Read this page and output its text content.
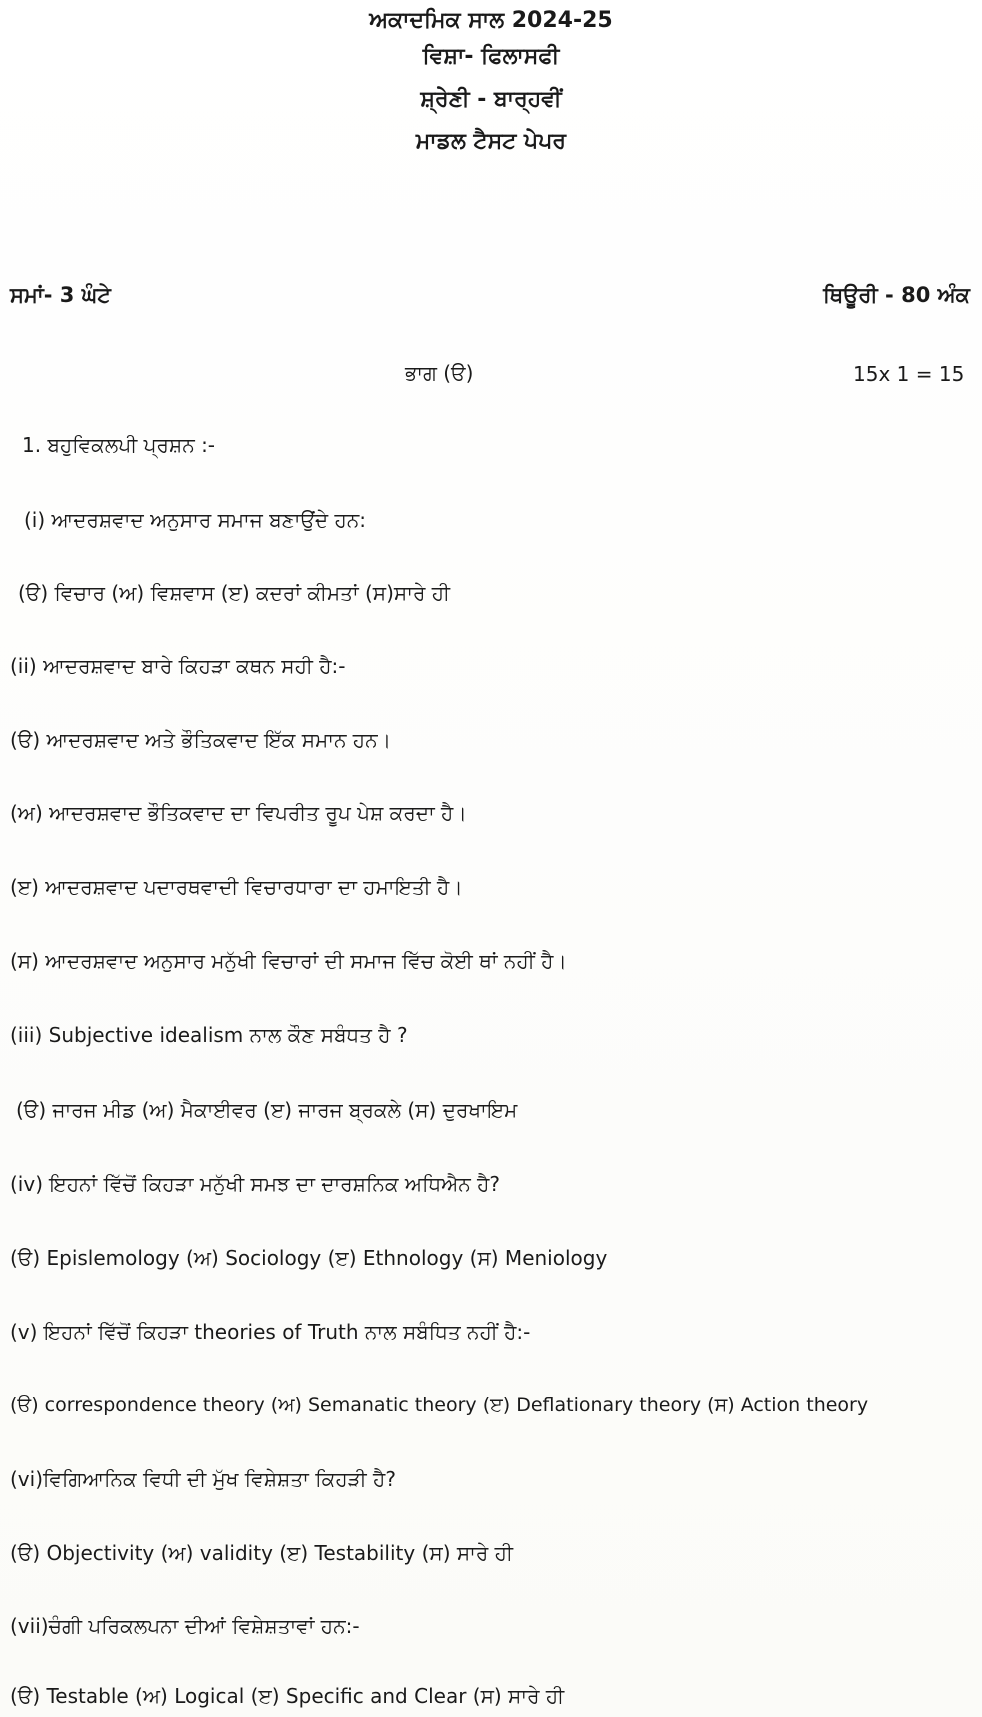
ਅਕਾਦਮਿਕ ਸਾਲ 2024-25
ਵਿਸ਼ਾ- ਫਿਲਾਸਫੀ
ਸ਼੍ਰੇਣੀ - ਬਾਰ੍ਹਵੀਂ
ਮਾਡਲ ਟੈਸਟ ਪੇਪਰ
ਸਮਾਂ- 3 ਘੰਟੇ	ਥਿਊਰੀ - 80 ਅੰਕ
ਭਾਗ (ੳ)	15x 1 = 15
1. ਬਹੁਵਿਕਲਪੀ ਪ੍ਰਸ਼ਨ :-
(i) ਆਦਰਸ਼ਵਾਦ ਅਨੁਸਾਰ ਸਮਾਜ ਬਣਾਉਂਦੇ ਹਨ:
(ੳ) ਵਿਚਾਰ (ਅ) ਵਿਸ਼ਵਾਸ (ੲ) ਕਦਰਾਂ ਕੀਮਤਾਂ (ਸ)ਸਾਰੇ ਹੀ
(ii) ਆਦਰਸ਼ਵਾਦ ਬਾਰੇ ਕਿਹੜਾ ਕਥਨ ਸਹੀ ਹੈ:-
(ੳ) ਆਦਰਸ਼ਵਾਦ ਅਤੇ ਭੌਤਿਕਵਾਦ ਇੱਕ ਸਮਾਨ ਹਨ।
(ਅ) ਆਦਰਸ਼ਵਾਦ ਭੌਤਿਕਵਾਦ ਦਾ ਵਿਪਰੀਤ ਰੂਪ ਪੇਸ਼ ਕਰਦਾ ਹੈ।
(ੲ) ਆਦਰਸ਼ਵਾਦ ਪਦਾਰਥਵਾਦੀ ਵਿਚਾਰਧਾਰਾ ਦਾ ਹਮਾਇਤੀ ਹੈ।
(ਸ) ਆਦਰਸ਼ਵਾਦ ਅਨੁਸਾਰ ਮਨੁੱਖੀ ਵਿਚਾਰਾਂ ਦੀ ਸਮਾਜ ਵਿੱਚ ਕੋਈ ਥਾਂ ਨਹੀਂ ਹੈ।
(iii) Subjective idealism ਨਾਲ ਕੌਣ ਸਬੰਧਤ ਹੈ ?
(ੳ) ਜਾਰਜ ਮੀਡ (ਅ) ਮੈਕਾਈਵਰ (ੲ) ਜਾਰਜ ਬ੍ਰਕਲੇ (ਸ) ਦੁਰਖਾਇਮ
(iv) ਇਹਨਾਂ ਵਿੱਚੋਂ ਕਿਹੜਾ ਮਨੁੱਖੀ ਸਮਝ ਦਾ ਦਾਰਸ਼ਨਿਕ ਅਧਿਐਨ ਹੈ?
(ੳ) Epislemology (ਅ) Sociology (ੲ) Ethnology (ਸ) Meniology
(v) ਇਹਨਾਂ ਵਿੱਚੋਂ ਕਿਹੜਾ theories of Truth ਨਾਲ ਸਬੰਧਿਤ ਨਹੀਂ ਹੈ:-
(ੳ) correspondence theory (ਅ) Semanatic theory (ੲ) Deflationary theory (ਸ) Action theory
(vi)ਵਿਗਿਆਨਿਕ ਵਿਧੀ ਦੀ ਮੁੱਖ ਵਿਸ਼ੇਸ਼ਤਾ ਕਿਹੜੀ ਹੈ?
(ੳ) Objectivity (ਅ) validity (ੲ) Testability (ਸ) ਸਾਰੇ ਹੀ
(vii)ਚੰਗੀ ਪਰਿਕਲਪਨਾ ਦੀਆਂ ਵਿਸ਼ੇਸ਼ਤਾਵਾਂ ਹਨ:-
(ੳ) Testable (ਅ) Logical (ੲ) Specific and Clear (ਸ) ਸਾਰੇ ਹੀ
